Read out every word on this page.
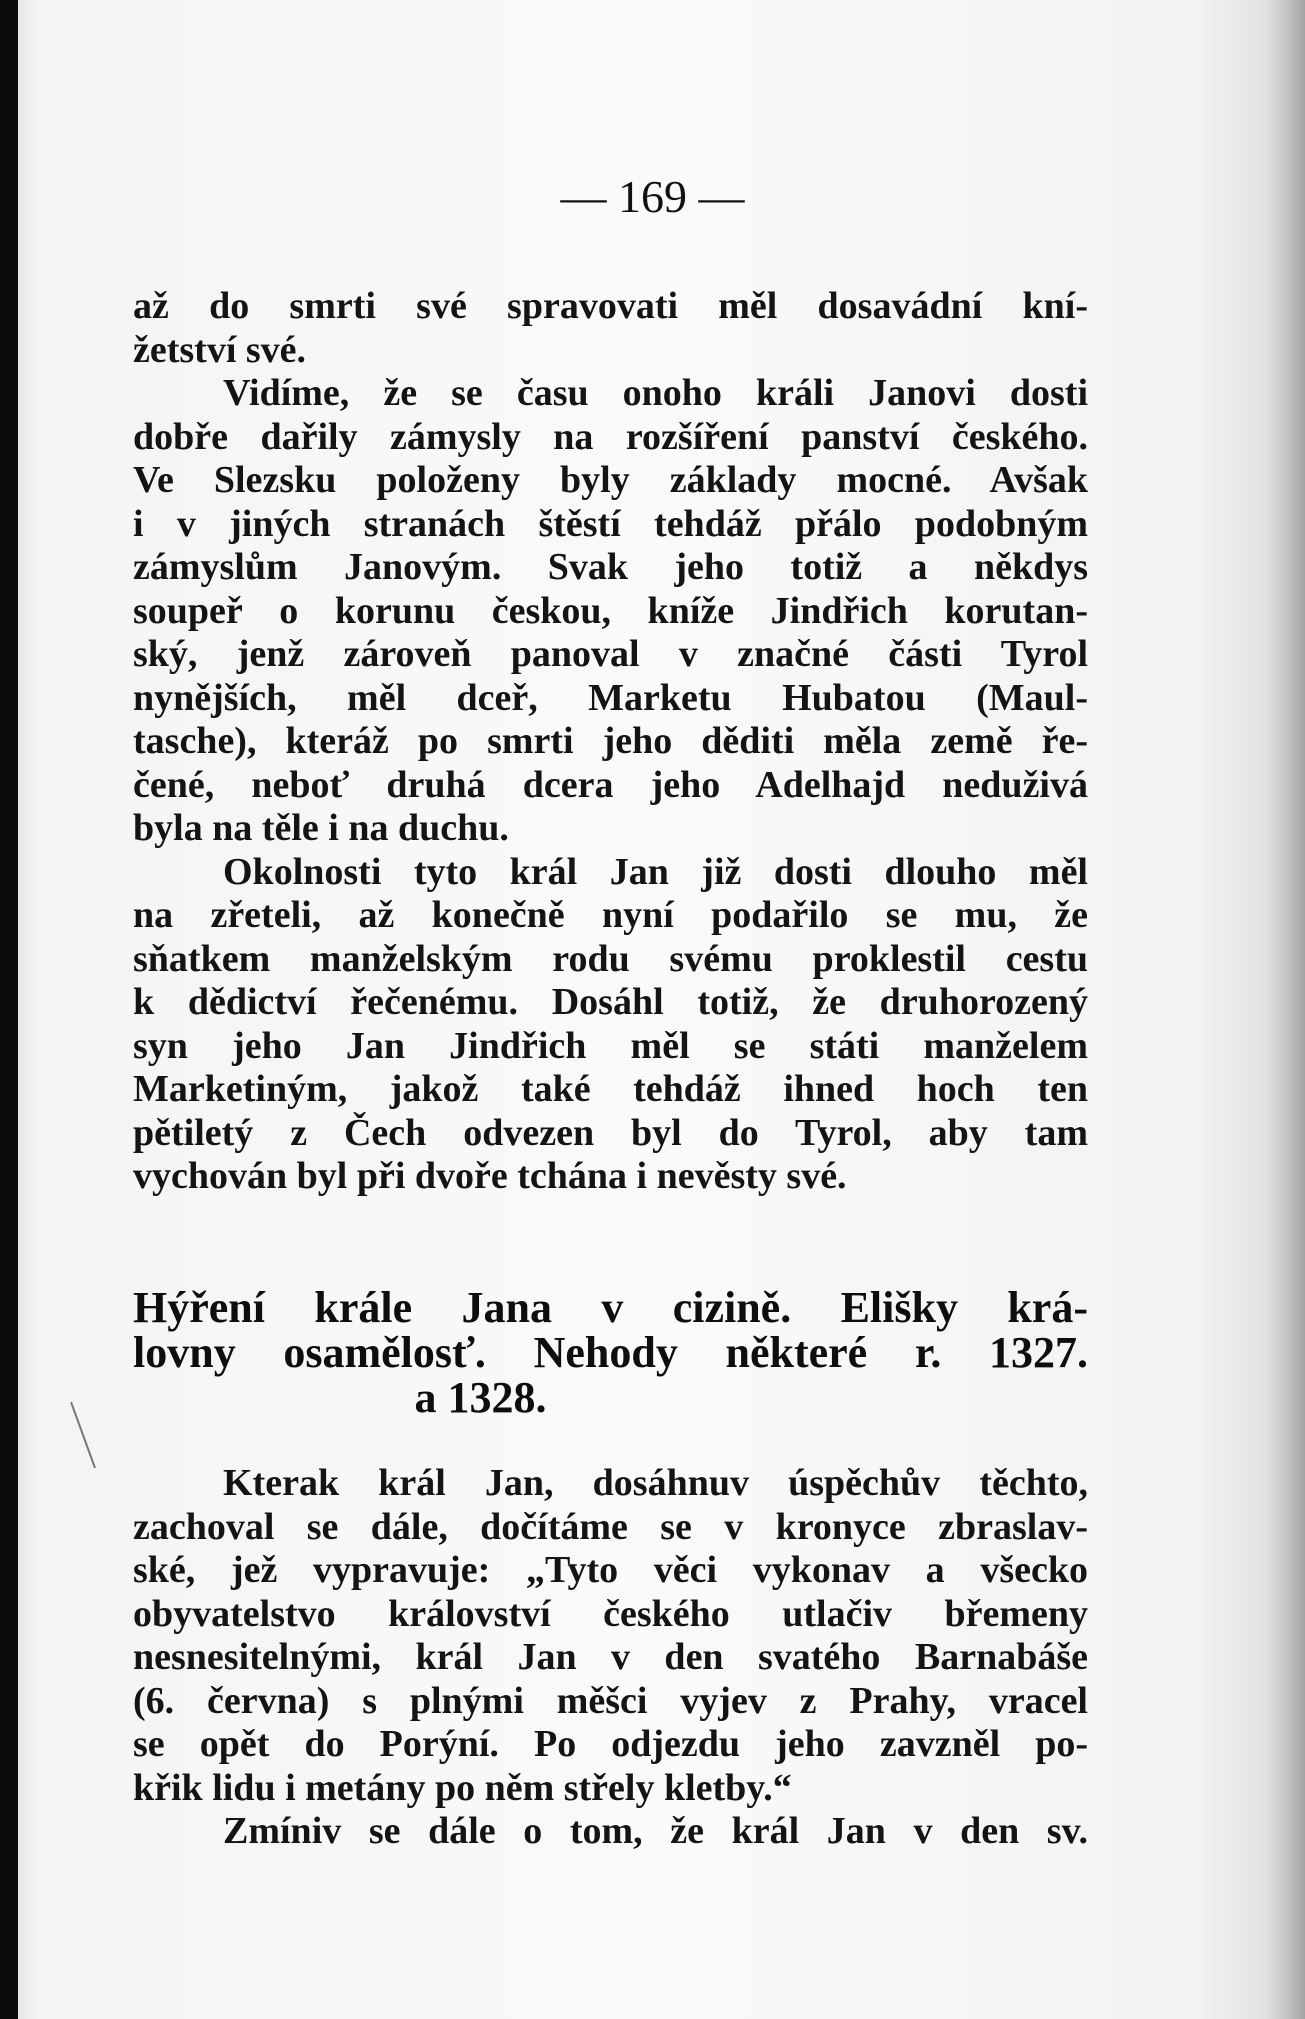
— 169 —
až do smrti své spravovati měl dosavádní kní-
žetství své.
Vidíme, že se času onoho králi Janovi dosti
dobře dařily zámysly na rozšíření panství českého.
Ve Slezsku položeny byly základy mocné. Avšak
i v jiných stranách štěstí tehdáž přálo podobným
zámyslům Janovým. Svak jeho totiž a někdys
soupeř o korunu českou, kníže Jindřich korutan-
ský, jenž zároveň panoval v značné části Tyrol
nynějších, měl dceř, Marketu Hubatou (Maul-
tasche), kteráž po smrti jeho děditi měla země ře-
čené, neboť druhá dcera jeho Adelhajd neduživá
byla na těle i na duchu.
Okolnosti tyto král Jan již dosti dlouho měl
na zřeteli, až konečně nyní podařilo se mu, že
sňatkem manželským rodu svému proklestil cestu
k dědictví řečenému. Dosáhl totiž, že druhorozený
syn jeho Jan Jindřich měl se státi manželem
Marketiným, jakož také tehdáž ihned hoch ten
pětiletý z Čech odvezen byl do Tyrol, aby tam
vychován byl při dvoře tchána i nevěsty své.
Hýření krále Jana v cizině. Elišky krá-
lovny osamělosť. Nehody některé r. 1327.
a 1328.
Kterak král Jan, dosáhnuv úspěchův těchto,
zachoval se dále, dočítáme se v kronyce zbraslav-
ské, jež vypravuje: „Tyto věci vykonav a všecko
obyvatelstvo království českého utlačiv břemeny
nesnesitelnými, král Jan v den svatého Barnabáše
(6. června) s plnými měšci vyjev z Prahy, vracel
se opět do Porýní. Po odjezdu jeho zavzněl po-
křik lidu i metány po něm střely kletby.“
Zmíniv se dále o tom, že král Jan v den sv.
